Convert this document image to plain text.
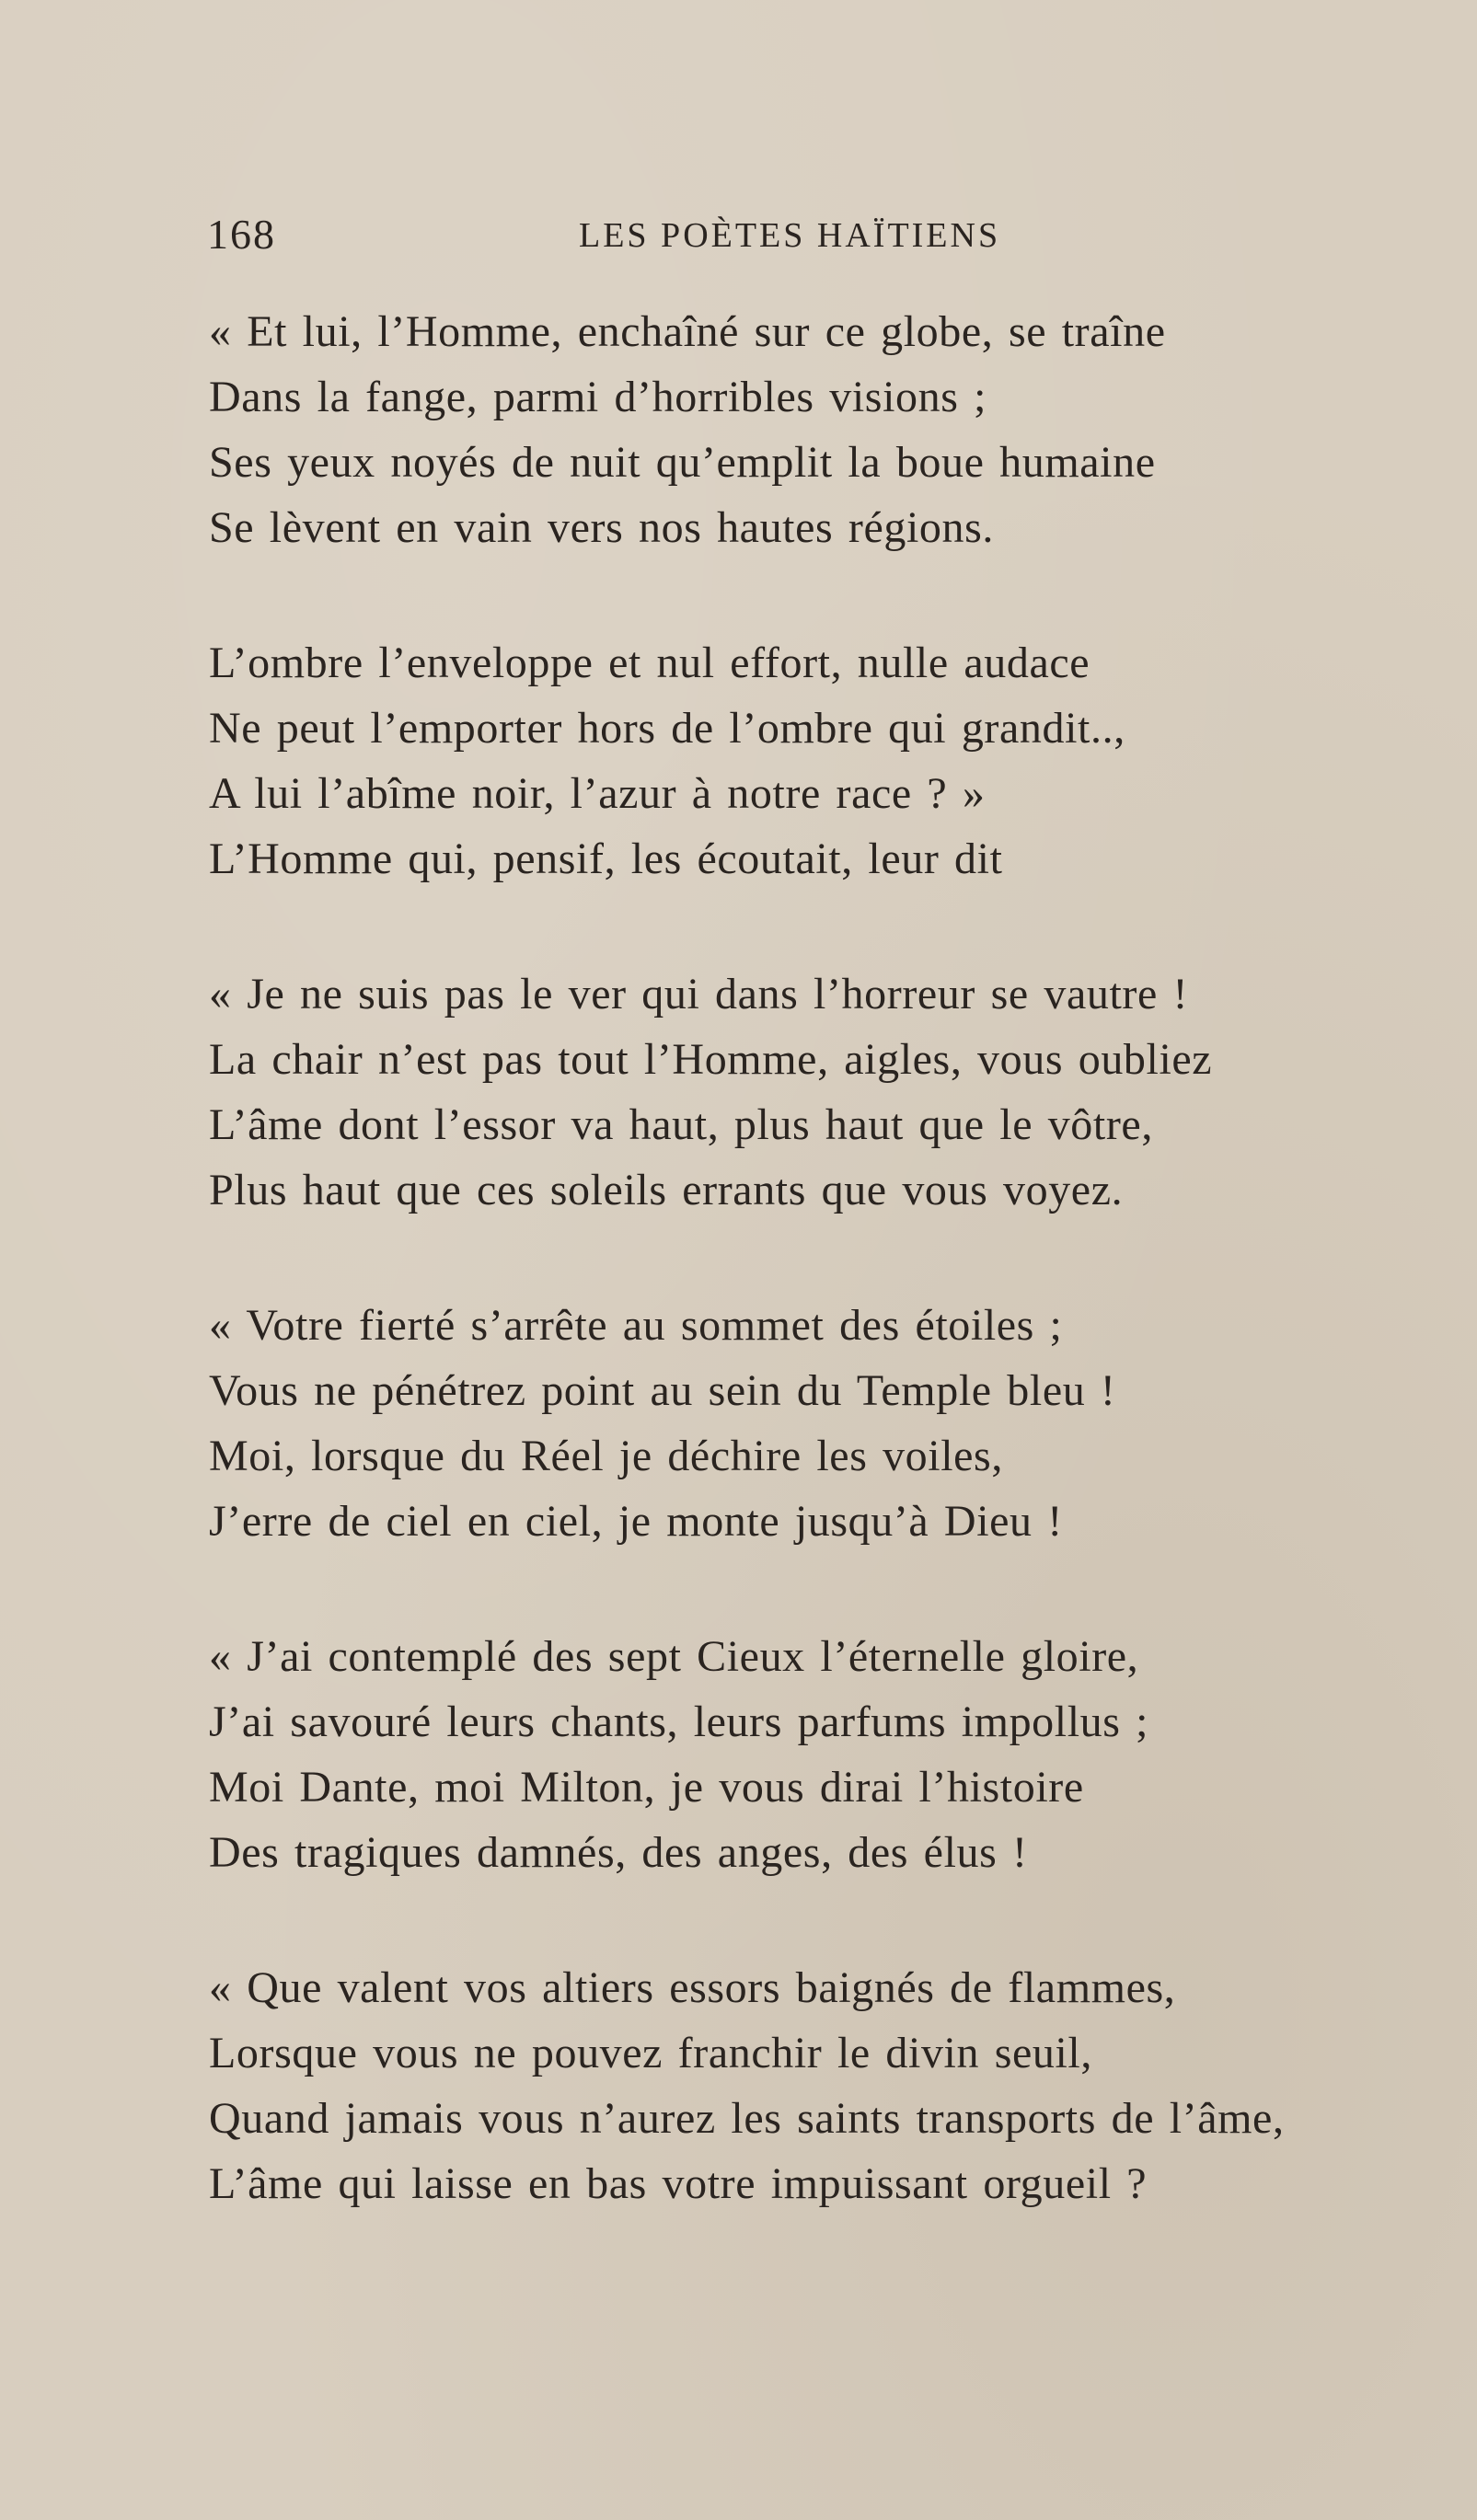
168	LES POÈTES HAÏTIENS
« Et lui, l’Homme, enchaîné sur ce globe, se traîne
Dans la fange, parmi d’horribles visions ;
Ses yeux noyés de nuit qu’emplit la boue humaine
Se lèvent en vain vers nos hautes régions.
L’ombre l’enveloppe et nul effort, nulle audace
Ne peut l’emporter hors de l’ombre qui grandit..,
A lui l’abîme noir, l’azur à notre race ? »
L’Homme qui, pensif, les écoutait, leur dit
« Je ne suis pas le ver qui dans l’horreur se vautre !
La chair n’est pas tout l’Homme, aigles, vous oubliez
L’âme dont l’essor va haut, plus haut que le vôtre,
Plus haut que ces soleils errants que vous voyez.
« Votre fierté s’arrête au sommet des étoiles ;
Vous ne pénétrez point au sein du Temple bleu !
Moi, lorsque du Réel je déchire les voiles,
J’erre de ciel en ciel, je monte jusqu’à Dieu !
« J’ai contemplé des sept Cieux l’éternelle gloire,
J’ai savouré leurs chants, leurs parfums impollus ;
Moi Dante, moi Milton, je vous dirai l’histoire
Des tragiques damnés, des anges, des élus !
« Que valent vos altiers essors baignés de flammes,
Lorsque vous ne pouvez franchir le divin seuil,
Quand jamais vous n’aurez les saints transports de l’âme,
L’âme qui laisse en bas votre impuissant orgueil ?
